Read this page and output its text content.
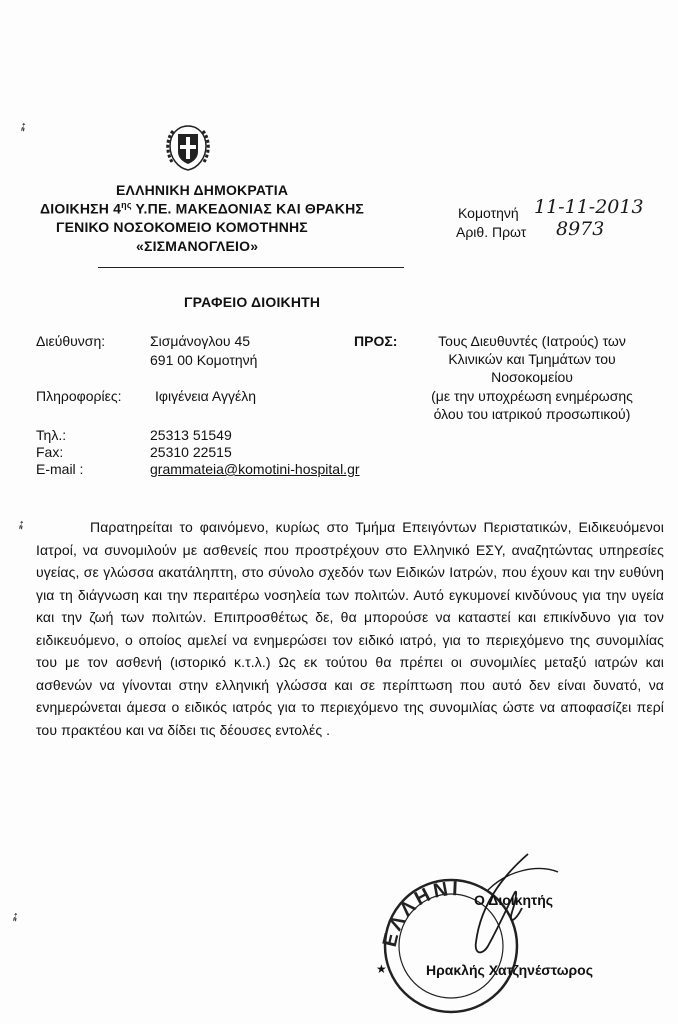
➶
➶
➶
ΕΛΛΗΝΙΚΗ ΔΗΜΟΚΡΑΤΙΑ
ΔΙΟΙΚΗΣΗ $4^{\eta\varsigma}$ Υ.ΠΕ. ΜΑΚΕΔΟΝΙΑΣ ΚΑΙ ΘΡΑΚΗΣ
ΓΕΝΙΚΟ ΝΟΣΟΚΟΜΕΙΟ ΚΟΜΟΤΗΝΗΣ
«ΣΙΣΜΑΝΟΓΛΕΙΟ»
ΓΡΑΦΕΙΟ ΔΙΟΙΚΗΤΗ
Κομοτηνή 11-11-2013
Αριθ. Πρωτ 8973
Διεύθυνση:	Σισμάνογλου 45
691 00 Κομοτηνή
Πληροφορίες: Ιφιγένεια Αγγέλη
Τηλ.:	25313 51549
Fax:	25310 22515
E-mail :	grammateia@komotini-hospital.gr
ΠΡΟΣ:	Τους Διευθυντές (Ιατρούς) των
Κλινικών και Τμημάτων του
Νοσοκομείου
(με την υποχρέωση ενημέρωσης
όλου του ιατρικού προσωπικού)
Παρατηρείται το φαινόμενο, κυρίως στο Τμήμα Επειγόντων Περιστατικών, Ειδικευόμενοι Ιατροί, να συνομιλούν με ασθενείς που προστρέχουν στο Ελληνικό ΕΣΥ, αναζητώντας υπηρεσίες υγείας, σε γλώσσα ακατάληπτη, στο σύνολο σχεδόν των Ειδικών Ιατρών, που έχουν και την ευθύνη για τη διάγνωση και την περαιτέρω νοσηλεία των πολιτών. Αυτό εγκυμονεί κινδύνους για την υγεία και την ζωή των πολιτών. Επιπροσθέτως δε, θα μπορούσε να καταστεί και επικίνδυνο για τον ειδικευόμενο, ο οποίος αμελεί να ενημερώσει τον ειδικό ιατρό, για το περιεχόμενο της συνομιλίας του με τον ασθενή (ιστορικό κ.τ.λ.) Ως εκ τούτου θα πρέπει οι συνομιλίες μεταξύ ιατρών και ασθενών να γίνονται στην ελληνική γλώσσα και σε περίπτωση που αυτό δεν είναι δυνατό, να ενημερώνεται άμεσα ο ειδικός ιατρός για το περιεχόμενο της συνομιλίας ώστε να αποφασίζει περί του πρακτέου και να δίδει τις δέουσες εντολές .
ΕΛΛΗΝΙ Ο Διοικητής
★	Ηρακλής Χατζηνέστωρος
